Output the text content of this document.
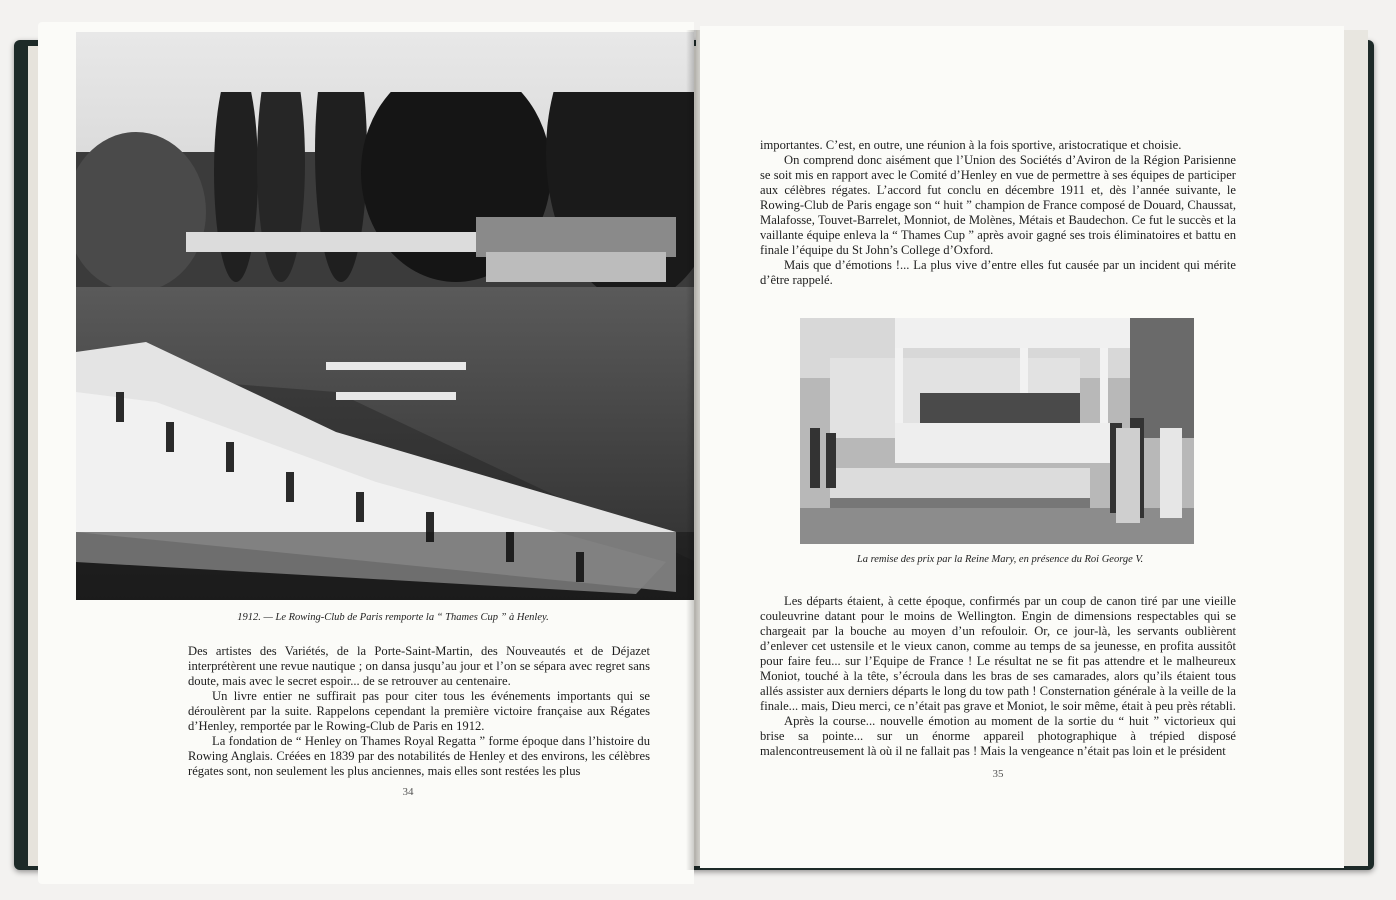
1912. — Le Rowing-Club de Paris remporte la “ Thames Cup ” à Henley.

Des artistes des Variétés, de la Porte-Saint-Martin, des Nouveautés et de Déjazet interprétèrent une revue nautique ; on dansa jusqu’au jour et l’on se sépara avec regret sans doute, mais avec le secret espoir... de se retrouver au centenaire.

Un livre entier ne suffirait pas pour citer tous les événements importants qui se déroulèrent par la suite. Rappelons cependant la première victoire française aux Régates d’Henley, remportée par le Rowing-Club de Paris en 1912.

La fondation de “ Henley on Thames Royal Regatta ” forme époque dans l’histoire du Rowing Anglais. Créées en 1839 par des notabilités de Henley et des environs, les célèbres régates sont, non seulement les plus anciennes, mais elles sont restées les plus

34

importantes. C’est, en outre, une réunion à la fois sportive, aristocratique et choisie.

On comprend donc aisément que l’Union des Sociétés d’Aviron de la Région Parisienne se soit mis en rapport avec le Comité d’Henley en vue de permettre à ses équipes de participer aux célèbres régates. L’accord fut conclu en décembre 1911 et, dès l’année suivante, le Rowing-Club de Paris engage son “ huit ” champion de France composé de Douard, Chaussat, Malafosse, Touvet-Barrelet, Monniot, de Molènes, Métais et Baudechon. Ce fut le succès et la vaillante équipe enleva la “ Thames Cup ” après avoir gagné ses trois éliminatoires et battu en finale l’équipe du St John’s College d’Oxford.

Mais que d’émotions !... La plus vive d’entre elles fut causée par un incident qui mérite d’être rappelé.

La remise des prix par la Reine Mary, en présence du Roi George V.

Les départs étaient, à cette époque, confirmés par un coup de canon tiré par une vieille couleuvrine datant pour le moins de Wellington. Engin de dimensions respectables qui se chargeait par la bouche au moyen d’un refouloir. Or, ce jour-là, les servants oublièrent d’enlever cet ustensile et le vieux canon, comme au temps de sa jeunesse, en profita aussitôt pour faire feu... sur l’Equipe de France ! Le résultat ne se fit pas attendre et le malheureux Moniot, touché à la tête, s’écroula dans les bras de ses camarades, alors qu’ils étaient tous allés assister aux derniers départs le long du tow path ! Consternation générale à la veille de la finale... mais, Dieu merci, ce n’était pas grave et Moniot, le soir même, était à peu près rétabli.

Après la course... nouvelle émotion au moment de la sortie du “ huit ” victorieux qui brise sa pointe... sur un énorme appareil photographique à trépied disposé malencontreusement là où il ne fallait pas ! Mais la vengeance n’était pas loin et le président

35
